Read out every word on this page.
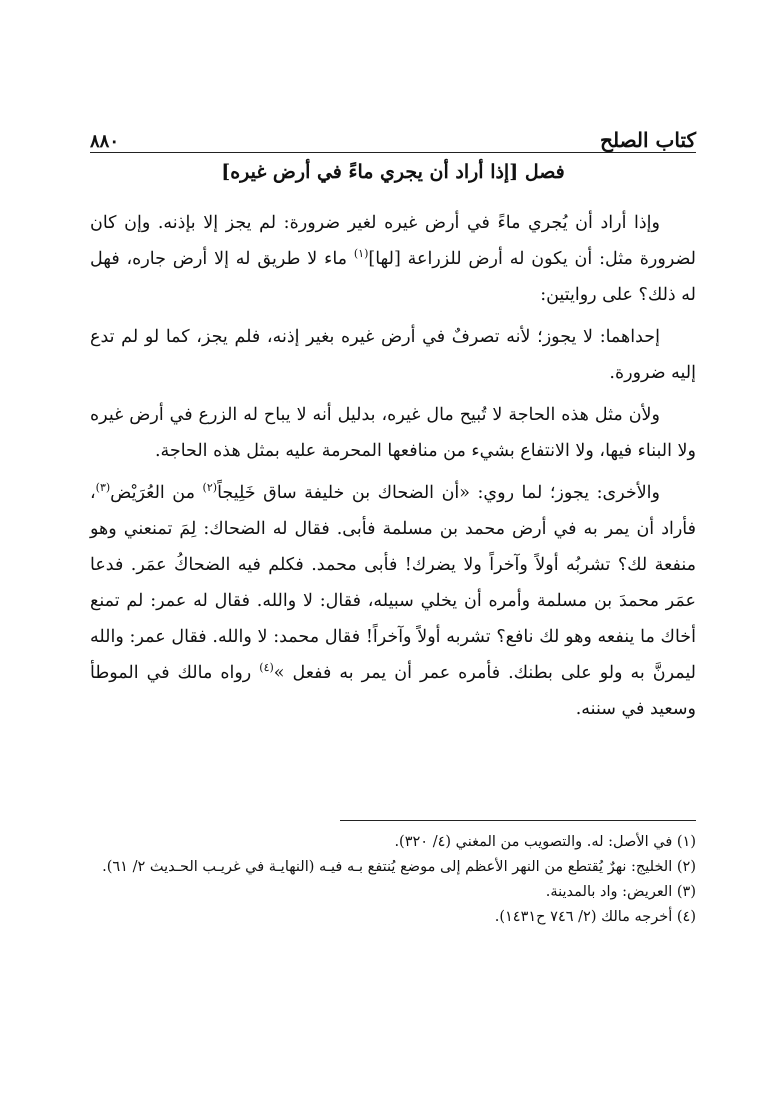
كتاب الصلح
٨٨٠
فصل [إذا أراد أن يجري ماءً في أرض غيره]

وإذا أراد أن يُجري ماءً في أرض غيره لغير ضرورة: لم يجز إلا بإذنه. وإن كان لضرورة مثل: أن يكون له أرض للزراعة [لها]$^{(١)}$ ماء لا طريق له إلا أرض جاره، فهل له ذلك؟ على روايتين:

إحداهما: لا يجوز؛ لأنه تصرفٌ في أرض غيره بغير إذنه، فلم يجز، كما لو لم تدع إليه ضرورة.

ولأن مثل هذه الحاجة لا تُبيح مال غيره، بدليل أنه لا يباح له الزرع في أرض غيره ولا البناء فيها، ولا الانتفاع بشيء من منافعها المحرمة عليه بمثل هذه الحاجة.

والأخرى: يجوز؛ لما روي: «أن الضحاك بن خليفة ساق خَلِيجاً$^{(٢)}$ من العُرَيْض$^{(٣)}$، فأراد أن يمر به في أرض محمد بن مسلمة فأبى. فقال له الضحاك: لِمَ تمنعني وهو منفعة لك؟ تشربُه أولاً وآخراً ولا يضرك! فأبى محمد. فكلم فيه الضحاكُ عمَر. فدعا عمَر محمدَ بن مسلمة وأمره أن يخلي سبيله، فقال: لا والله. فقال له عمر: لم تمنع أخاك ما ينفعه وهو لك نافع؟ تشربه أولاً وآخراً! فقال محمد: لا والله. فقال عمر: والله ليمرنَّ به ولو على بطنك. فأمره عمر أن يمر به ففعل »$^{(٤)}$ رواه مالك في الموطأ وسعيد في سننه.

(١) في الأصل: له. والتصويب من المغني (٤/ ٣٢٠).

(٢) الخليج: نهرٌ يُقتطع من النهر الأعظم إلى موضع يُنتفع بـه فيـه (النهايـة في غريـب الحـديث ٢/ ٦١).

(٣) العريض: واد بالمدينة.

(٤) أخرجه مالك (٢/ ٧٤٦ ح١٤٣١).
